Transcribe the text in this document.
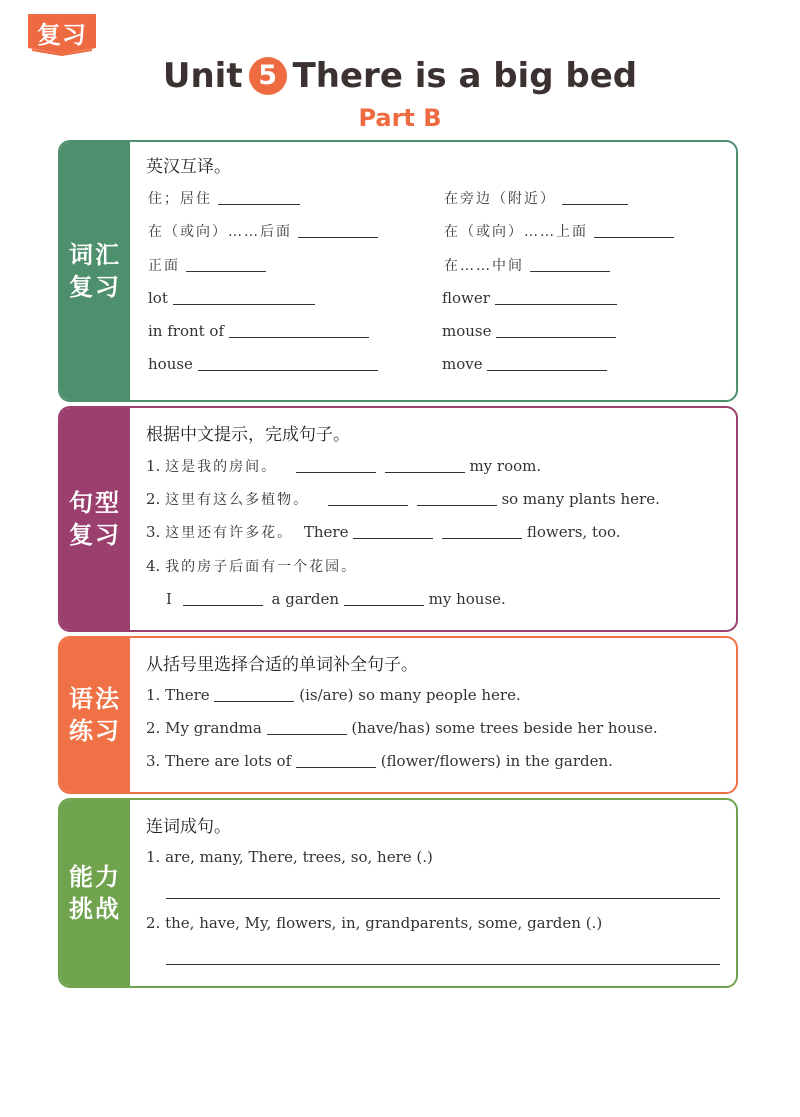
复习
Unit 5 There is a big bed
Part B
词汇复习
英汉互译。
住；居住	在旁边（附近）
在（或向）……后面	在（或向）……上面
正面	在……中间
lot	flower
in front of	mouse
house	move
句型复习
根据中文提示，完成句子。
1. 这是我的房间。	my room.
2. 这里有这么多植物。	so many plants here.
3. 这里还有许多花。 There	flowers, too.
4. 我的房子后面有一个花园。
I	a garden	my house.
语法练习
从括号里选择合适的单词补全句子。
1. There	(is/are) so many people here.
2. My grandma	(have/has) some trees beside her house.
3. There are lots of	(flower/flowers) in the garden.
能力挑战
连词成句。
1. are, many, There, trees, so, here (.)
2. the, have, My, flowers, in, grandparents, some, garden (.)
